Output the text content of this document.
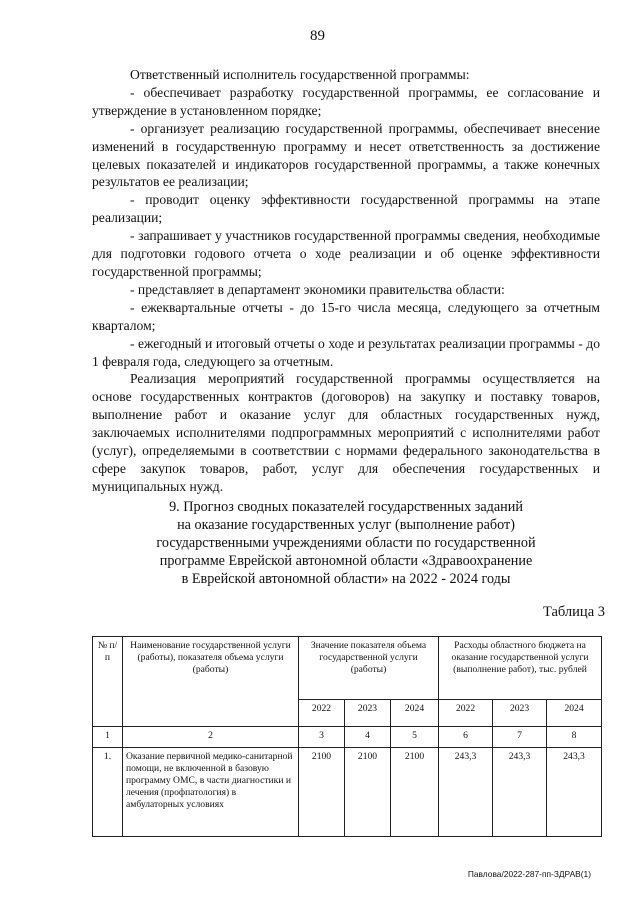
89

Ответственный исполнитель государственной программы:

- обеспечивает разработку государственной программы, ее согласование и утверждение в установленном порядке;

- организует реализацию государственной программы, обеспечивает внесение изменений в государственную программу и несет ответственность за достижение целевых показателей и индикаторов государственной программы, а также конечных результатов ее реализации;

- проводит оценку эффективности государственной программы на этапе реализации;

- запрашивает у участников государственной программы сведения, необходимые для подготовки годового отчета о ходе реализации и об оценке эффективности государственной программы;

- представляет в департамент экономики правительства области:

- ежеквартальные отчеты - до 15-го числа месяца, следующего за отчетным кварталом;

- ежегодный и итоговый отчеты о ходе и результатах реализации программы - до 1 февраля года, следующего за отчетным.

Реализация мероприятий государственной программы осуществляется на основе государственных контрактов (договоров) на закупку и поставку товаров, выполнение работ и оказание услуг для областных государственных нужд, заключаемых исполнителями подпрограммных мероприятий с исполнителями работ (услуг), определяемыми в соответствии с нормами федерального законодательства в сфере закупок товаров, работ, услуг для обеспечения государственных и муниципальных нужд.

9. Прогноз сводных показателей государственных заданий
на оказание государственных услуг (выполнение работ)
государственными учреждениями области по государственной
программе Еврейской автономной области «Здравоохранение
в Еврейской автономной области» на 2022 - 2024 годы
Таблица 3
№ п/п	Наименование государственной услуги (работы), показателя объема услуги (работы)	Значение показателя объема государственной услуги (работы)			Расходы областного бюджета на оказание государственной услуги (выполнение работ), тыс. рублей		
		2022	2023	2024	2022	2023	2024
1	2	3	4	5	6	7	8
1.	Оказание первичной медико-санитарной помощи, не включенной в базовую программу ОМС, в части диагностики и лечения (профпатология) в амбулаторных условиях	2100	2100	2100	243,3	243,3	243,3
Павлова/2022-287-пп-ЗДРАВ(1)
